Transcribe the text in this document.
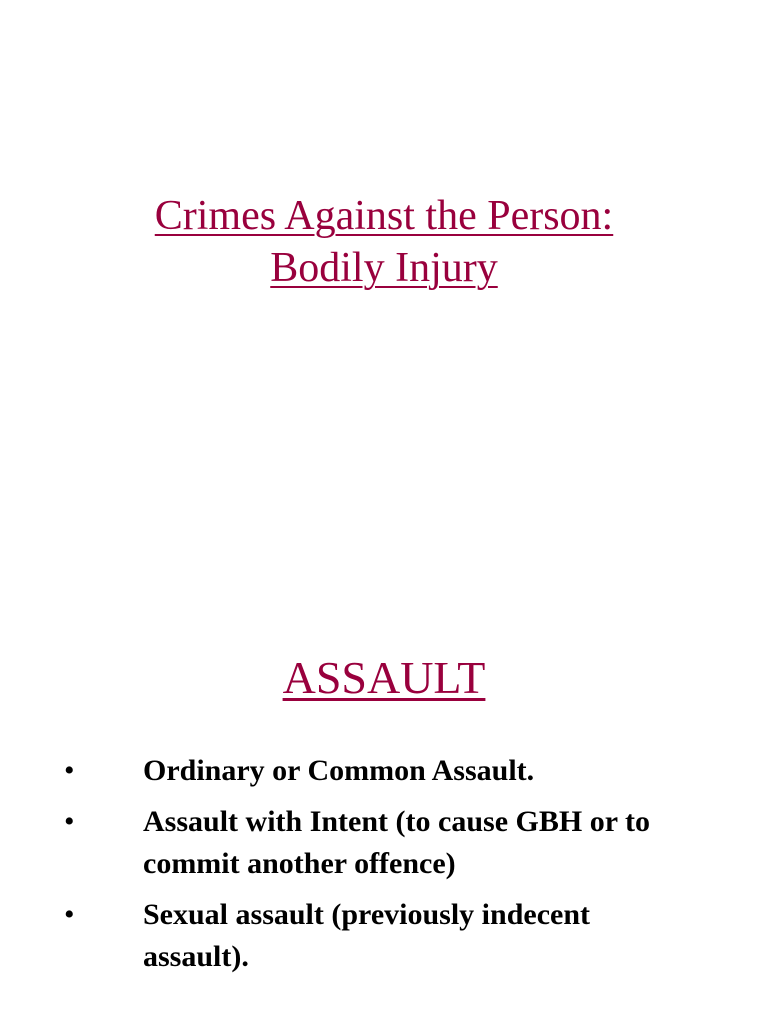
Crimes Against the Person:
Bodily Injury
ASSAULT
• Ordinary or Common Assault.
• Assault with Intent (to cause GBH or to commit another offence)
• Sexual assault (previously indecent assault).
